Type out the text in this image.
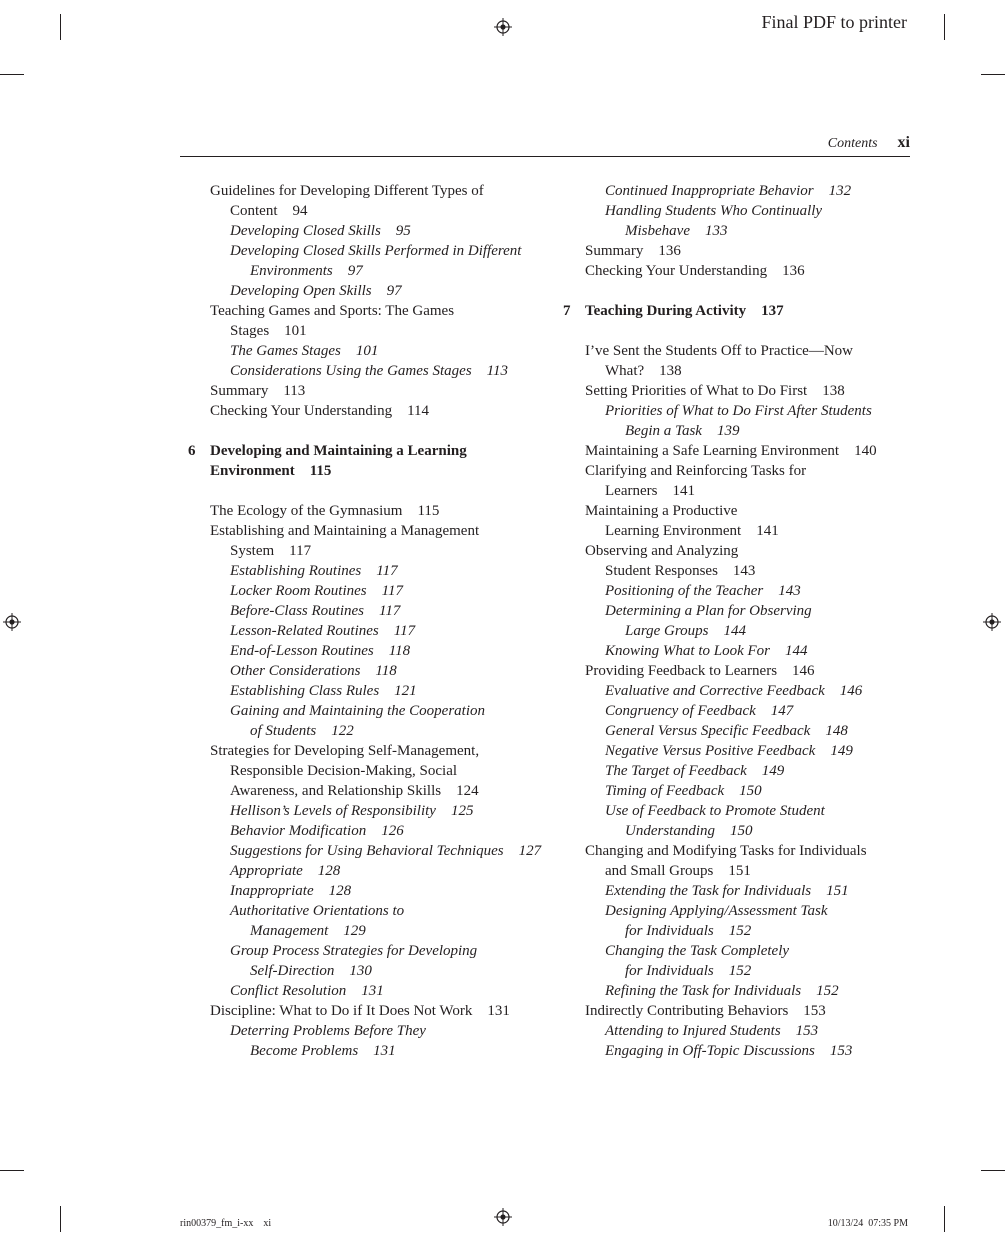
Final PDF to printer
Contents xi
Guidelines for Developing Different Types of
Content    94
Developing Closed Skills    95
Developing Closed Skills Performed in Different
Environments    97
Developing Open Skills    97
Teaching Games and Sports: The Games
Stages    101
The Games Stages    101
Considerations Using the Games Stages    113
Summary    113
Checking Your Understanding    114
6 Developing and Maintaining a Learning
Environment    115
The Ecology of the Gymnasium    115
Establishing and Maintaining a Management
System    117
Establishing Routines    117
Locker Room Routines    117
Before-Class Routines    117
Lesson-Related Routines    117
End-of-Lesson Routines    118
Other Considerations    118
Establishing Class Rules    121
Gaining and Maintaining the Cooperation
of Students    122
Strategies for Developing Self-Management,
Responsible Decision-Making, Social
Awareness, and Relationship Skills    124
Hellison’s Levels of Responsibility    125
Behavior Modification    126
Suggestions for Using Behavioral Techniques    127
Appropriate    128
Inappropriate    128
Authoritative Orientations to
Management    129
Group Process Strategies for Developing
Self-Direction    130
Conflict Resolution    131
Discipline: What to Do if It Does Not Work    131
Deterring Problems Before They
Become Problems    131
Continued Inappropriate Behavior    132
Handling Students Who Continually
Misbehave    133
Summary    136
Checking Your Understanding    136
7 Teaching During Activity    137
I’ve Sent the Students Off to Practice—Now
What?    138
Setting Priorities of What to Do First    138
Priorities of What to Do First After Students
Begin a Task    139
Maintaining a Safe Learning Environment    140
Clarifying and Reinforcing Tasks for
Learners    141
Maintaining a Productive
Learning Environment    141
Observing and Analyzing
Student Responses    143
Positioning of the Teacher    143
Determining a Plan for Observing
Large Groups    144
Knowing What to Look For    144
Providing Feedback to Learners    146
Evaluative and Corrective Feedback    146
Congruency of Feedback    147
General Versus Specific Feedback    148
Negative Versus Positive Feedback    149
The Target of Feedback    149
Timing of Feedback    150
Use of Feedback to Promote Student
Understanding    150
Changing and Modifying Tasks for Individuals
and Small Groups    151
Extending the Task for Individuals    151
Designing Applying/Assessment Task
for Individuals    152
Changing the Task Completely
for Individuals    152
Refining the Task for Individuals    152
Indirectly Contributing Behaviors    153
Attending to Injured Students    153
Engaging in Off-Topic Discussions    153
rin00379_fm_i-xx    xi	10/13/24  07:35 PM
